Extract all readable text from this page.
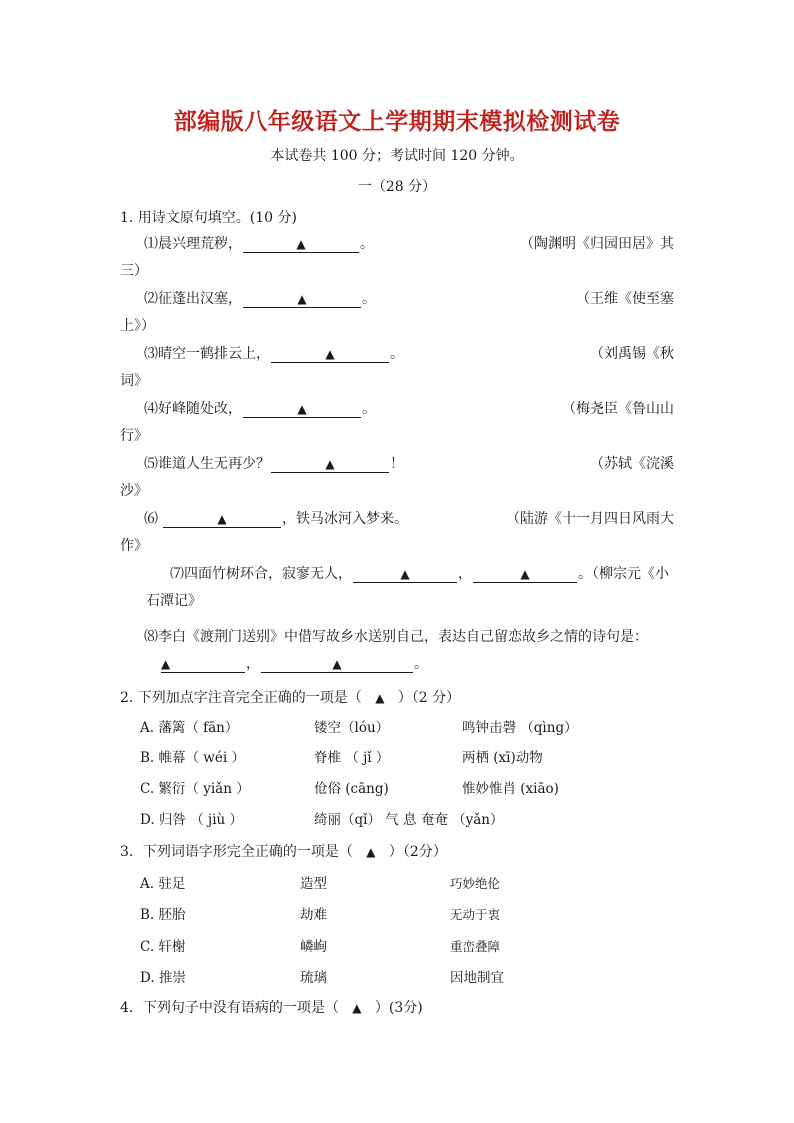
部编版八年级语文上学期期末模拟检测试卷
本试卷共 100 分；考试时间 120 分钟。
一（28 分）
1. 用诗文原句填空。(10 分)
⑴晨兴理荒秽，	▲	。	（陶渊明《归园田居》其
三）
⑵征蓬出汉塞，	▲	。	（王维《使至塞
上》）
⑶晴空一鹤排云上，	▲	。	（刘禹锡《秋
词》
⑷好峰随处改，	▲	。	（梅尧臣《鲁山山
行》
⑸谁道人生无再少？	▲	！	（苏轼《浣溪
沙》
⑹	▲	，铁马冰河入梦来。	（陆游《十一月四日风雨大
作》
⑺四面竹树环合，寂寥无人，	▲	，	▲	。（柳宗元《小
石潭记》
⑻李白《渡荆门送别》中借写故乡水送别自己，表达自己留恋故乡之情的诗句是：
▲	，	▲	。
2. 下列加点字注音完全正确的一项是（ ▲ ）（2 分）
A. 藩篱（ fān）	镂空（lóu）	鸣钟击磬 （qìng）
B. 帷幕（ wéi ）	脊椎 （ jǐ ）	两栖 (xī)动物
C. 繁衍（ yiǎn ）	伧俗 (cāng)	惟妙惟肖 (xiāo)
D. 归咎 （ jiù ）	绮丽（qǐ） 气 息 奄奄 （yǎn）
3．下列词语字形完全正确的一项是（ ▲ ）（2分）
A. 驻足	造型	巧妙绝伦
B. 胚胎	劫难	无动于衷
C. 轩榭	嶙峋	重峦叠障
D. 推崇	琉璃	因地制宜
4．下列句子中没有语病的一项是（ ▲ ）(3分)
